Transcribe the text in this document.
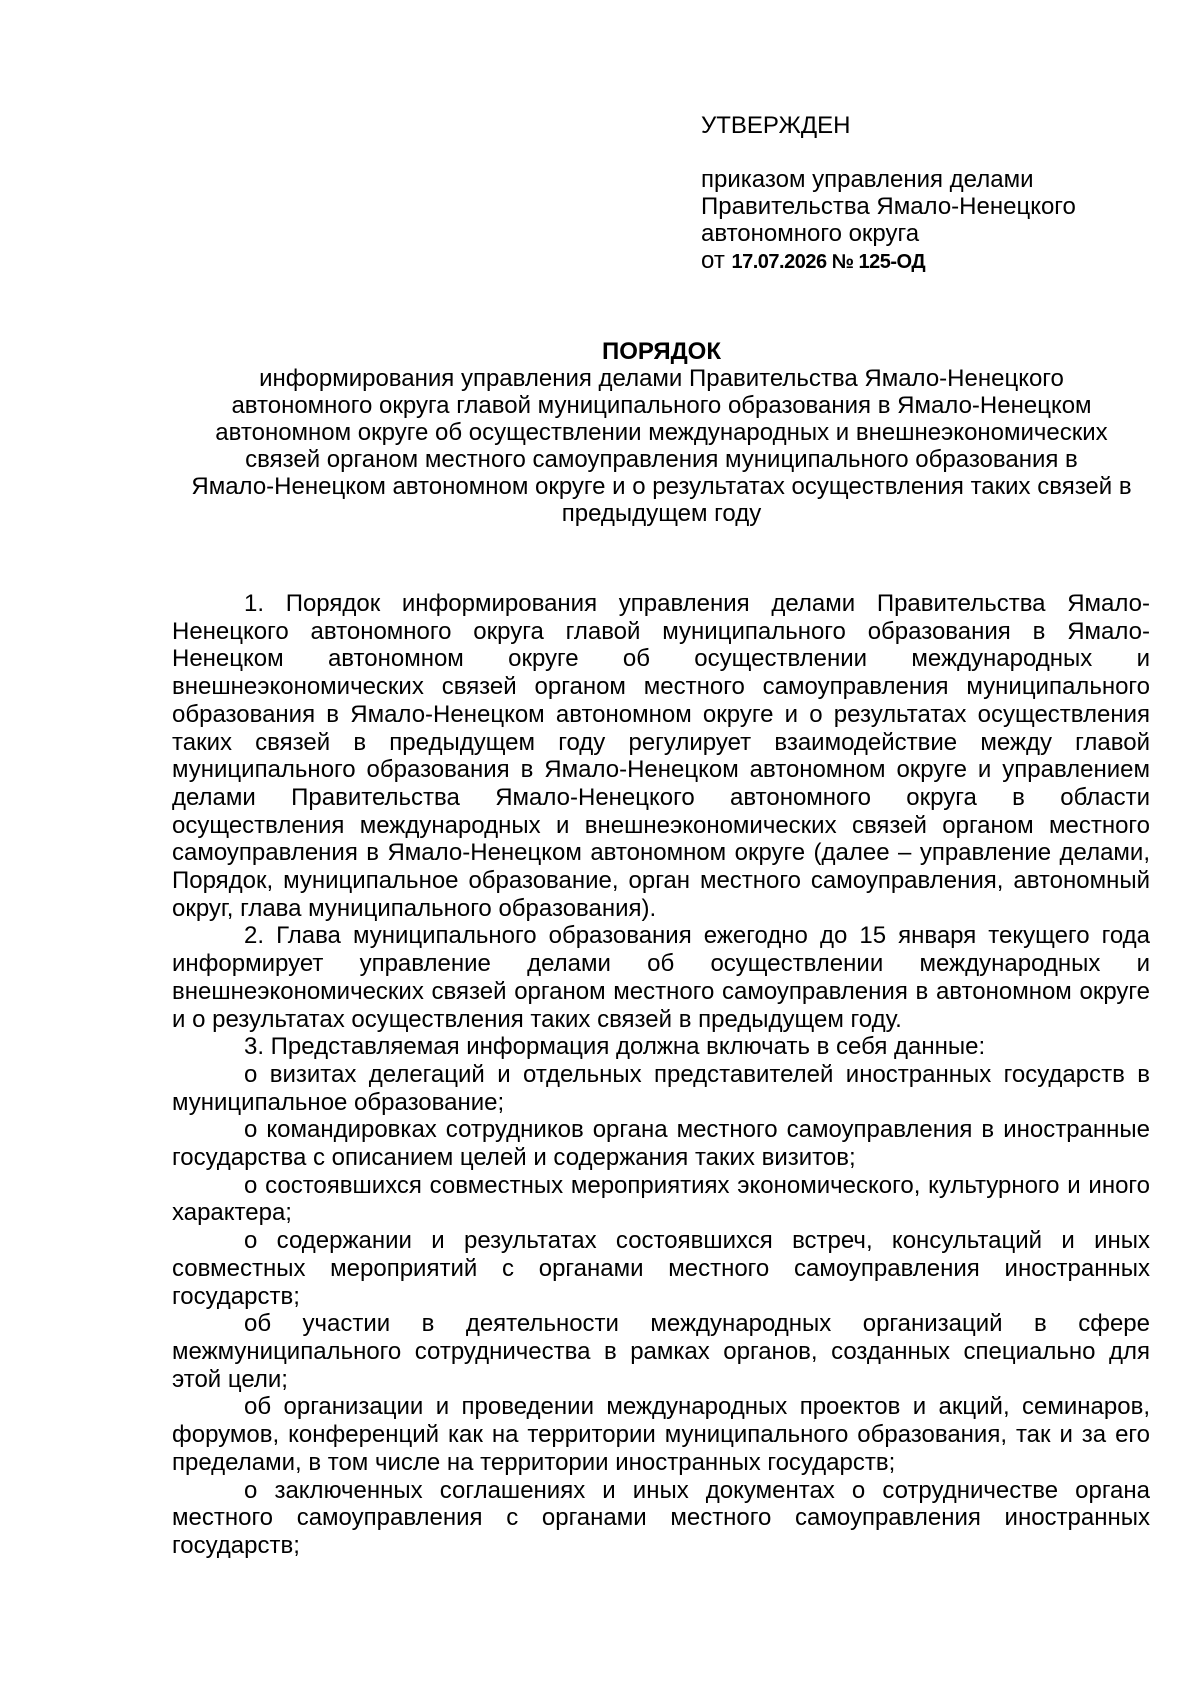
УТВЕРЖДЕН
приказом управления делами
Правительства Ямало-Ненецкого
автономного округа
от 17.07.2026 № 125-ОД
ПОРЯДОК
информирования управления делами Правительства Ямало-Ненецкого
автономного округа главой муниципального образования в Ямало-Ненецком
автономном округе об осуществлении международных и внешнеэкономических
связей органом местного самоуправления муниципального образования в
Ямало-Ненецком автономном округе и о результатах осуществления таких связей в
предыдущем году

1. Порядок информирования управления делами Правительства Ямало-Ненецкого автономного округа главой муниципального образования в Ямало-Ненецком автономном округе об осуществлении международных и внешнеэкономических связей органом местного самоуправления муниципального образования в Ямало-Ненецком автономном округе и о результатах осуществления таких связей в предыдущем году регулирует взаимодействие между главой муниципального образования в Ямало-Ненецком автономном округе и управлением делами Правительства Ямало-Ненецкого автономного округа в области осуществления международных и внешнеэкономических связей органом местного самоуправления в Ямало-Ненецком автономном округе (далее – управление делами, Порядок, муниципальное образование, орган местного самоуправления, автономный округ, глава муниципального образования).

2. Глава муниципального образования ежегодно до 15 января текущего года информирует управление делами об осуществлении международных и внешнеэкономических связей органом местного самоуправления в автономном округе и о результатах осуществления таких связей в предыдущем году.

3. Представляемая информация должна включать в себя данные:

о визитах делегаций и отдельных представителей иностранных государств в муниципальное образование;

о командировках сотрудников органа местного самоуправления в иностранные государства с описанием целей и содержания таких визитов;

о состоявшихся совместных мероприятиях экономического, культурного и иного характера;

о содержании и результатах состоявшихся встреч, консультаций и иных совместных мероприятий с органами местного самоуправления иностранных государств;

об участии в деятельности международных организаций в сфере межмуниципального сотрудничества в рамках органов, созданных специально для этой цели;

об организации и проведении международных проектов и акций, семинаров, форумов, конференций как на территории муниципального образования, так и за его пределами, в том числе на территории иностранных государств;

о заключенных соглашениях и иных документах о сотрудничестве органа местного самоуправления с органами местного самоуправления иностранных государств;
